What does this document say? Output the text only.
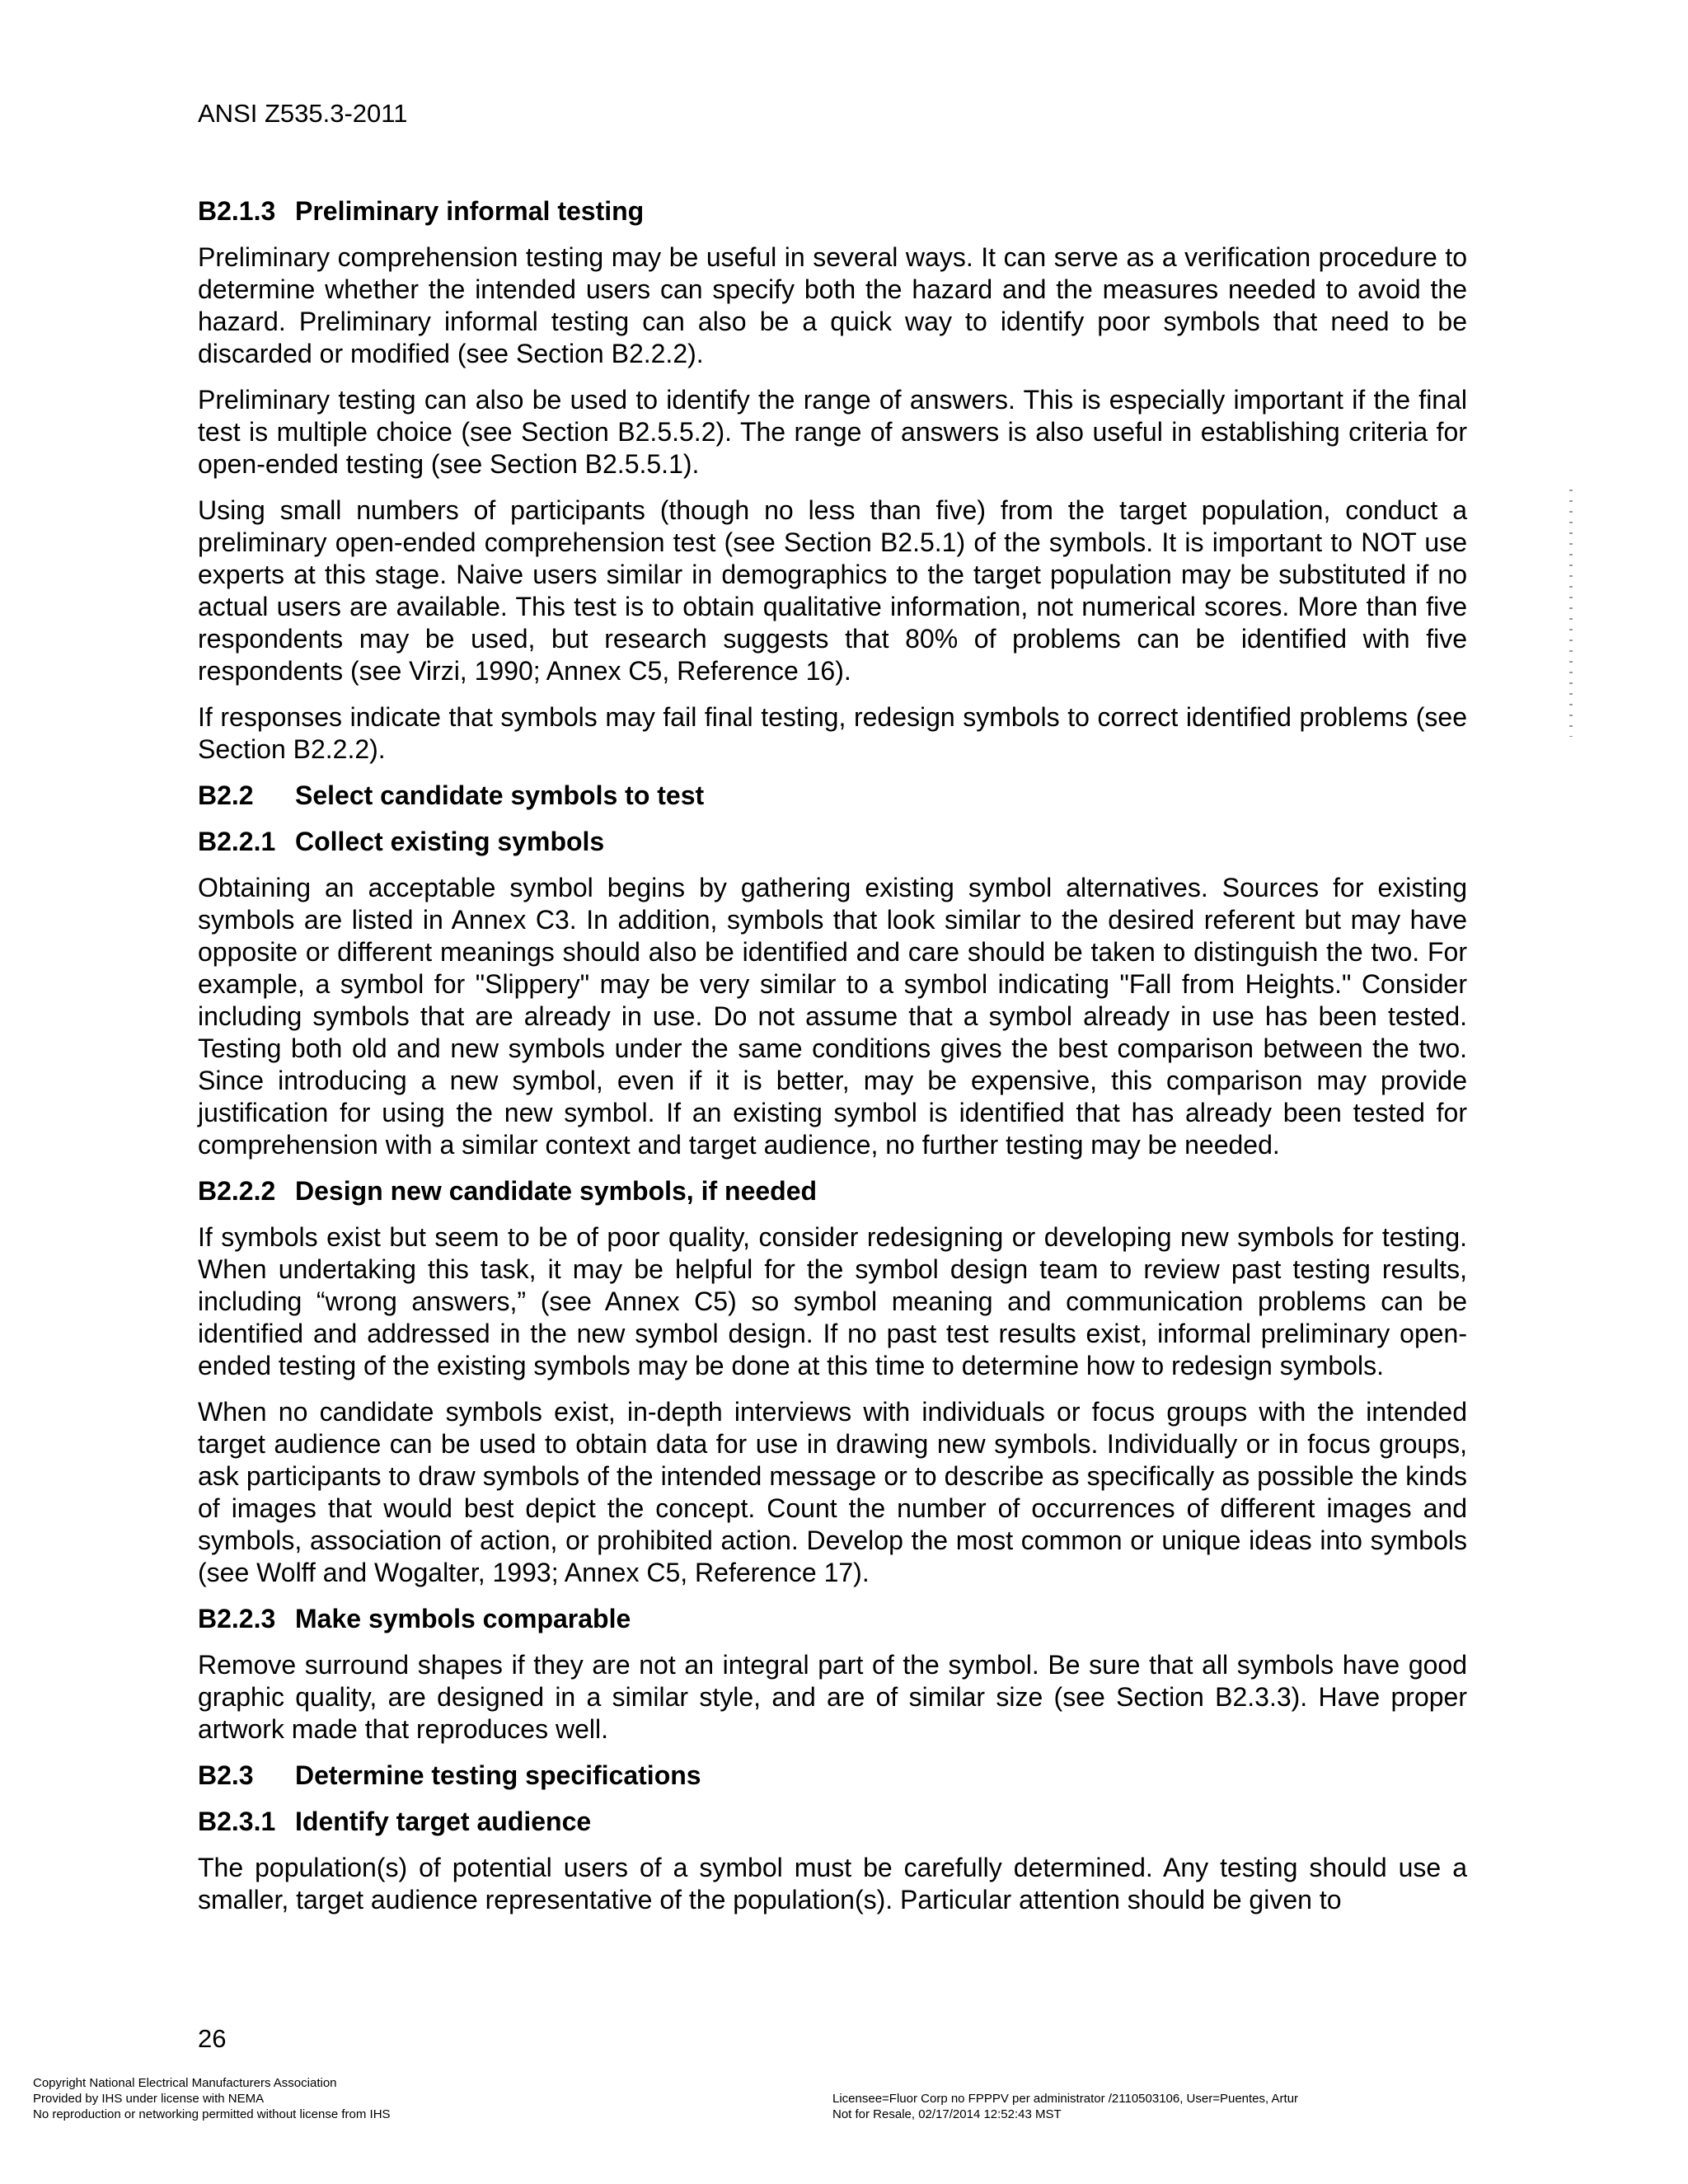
ANSI Z535.3-2011
B2.1.3 Preliminary informal testing

Preliminary comprehension testing may be useful in several ways. It can serve as a verification procedure to determine whether the intended users can specify both the hazard and the measures needed to avoid the hazard. Preliminary informal testing can also be a quick way to identify poor symbols that need to be discarded or modified (see Section B2.2.2).

Preliminary testing can also be used to identify the range of answers. This is especially important if the final test is multiple choice (see Section B2.5.5.2). The range of answers is also useful in establishing criteria for open-ended testing (see Section B2.5.5.1).

Using small numbers of participants (though no less than five) from the target population, conduct a preliminary open-ended comprehension test (see Section B2.5.1) of the symbols. It is important to NOT use experts at this stage. Naive users similar in demographics to the target population may be substituted if no actual users are available. This test is to obtain qualitative information, not numerical scores. More than five respondents may be used, but research suggests that 80% of problems can be identified with five respondents (see Virzi, 1990; Annex C5, Reference 16).

If responses indicate that symbols may fail final testing, redesign symbols to correct identified problems (see Section B2.2.2).

B2.2 Select candidate symbols to test
B2.2.1 Collect existing symbols

Obtaining an acceptable symbol begins by gathering existing symbol alternatives. Sources for existing symbols are listed in Annex C3. In addition, symbols that look similar to the desired referent but may have opposite or different meanings should also be identified and care should be taken to distinguish the two. For example, a symbol for "Slippery" may be very similar to a symbol indicating "Fall from Heights." Consider including symbols that are already in use. Do not assume that a symbol already in use has been tested. Testing both old and new symbols under the same conditions gives the best comparison between the two. Since introducing a new symbol, even if it is better, may be expensive, this comparison may provide justification for using the new symbol. If an existing symbol is identified that has already been tested for comprehension with a similar context and target audience, no further testing may be needed.

B2.2.2 Design new candidate symbols, if needed

If symbols exist but seem to be of poor quality, consider redesigning or developing new symbols for testing. When undertaking this task, it may be helpful for the symbol design team to review past testing results, including “wrong answers,” (see Annex C5) so symbol meaning and communication problems can be identified and addressed in the new symbol design. If no past test results exist, informal preliminary open-ended testing of the existing symbols may be done at this time to determine how to redesign symbols.

When no candidate symbols exist, in-depth interviews with individuals or focus groups with the intended target audience can be used to obtain data for use in drawing new symbols. Individually or in focus groups, ask participants to draw symbols of the intended message or to describe as specifically as possible the kinds of images that would best depict the concept. Count the number of occurrences of different images and symbols, association of action, or prohibited action. Develop the most common or unique ideas into symbols (see Wolff and Wogalter, 1993; Annex C5, Reference 17).

B2.2.3 Make symbols comparable

Remove surround shapes if they are not an integral part of the symbol. Be sure that all symbols have good graphic quality, are designed in a similar style, and are of similar size (see Section B2.3.3). Have proper artwork made that reproduces well.

B2.3 Determine testing specifications
B2.3.1 Identify target audience

The population(s) of potential users of a symbol must be carefully determined. Any testing should use a smaller, target audience representative of the population(s). Particular attention should be given to

26
Copyright National Electrical Manufacturers Association
Provided by IHS under license with NEMA
No reproduction or networking permitted without license from IHS
Licensee=Fluor Corp no FPPPV per administrator /2110503106, User=Puentes, Artur
Not for Resale, 02/17/2014 12:52:43 MST
